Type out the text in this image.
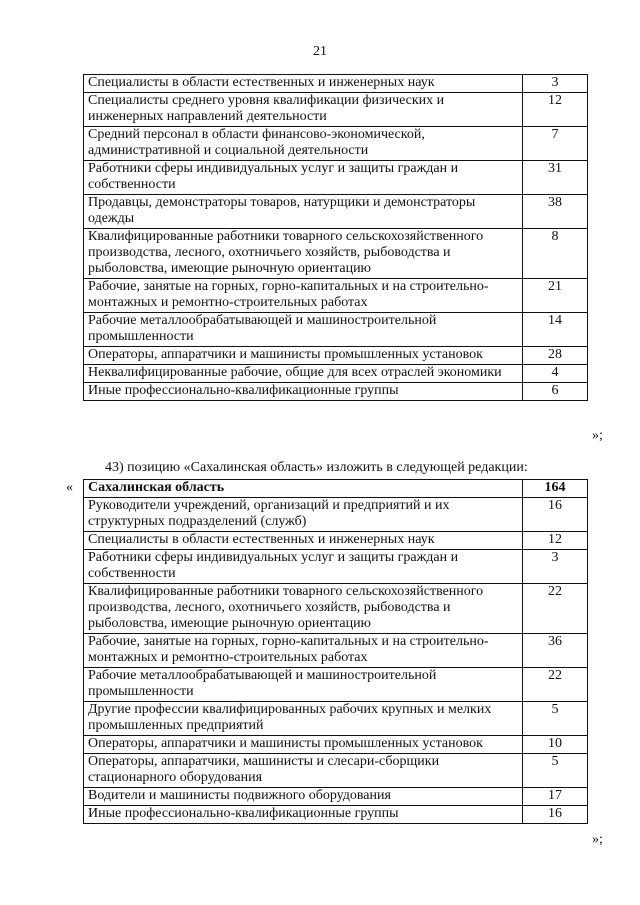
21
Специалисты в области естественных и инженерных наук	3
Специалисты среднего уровня квалификации физических и инженерных направлений деятельности	12
Средний персонал в области финансово-экономической, административной и социальной деятельности	7
Работники сферы индивидуальных услуг и защиты граждан и собственности	31
Продавцы, демонстраторы товаров, натурщики и демонстраторы одежды	38
Квалифицированные работники товарного сельскохозяйственного производства, лесного, охотничьего хозяйств, рыбоводства и рыболовства, имеющие рыночную ориентацию	8
Рабочие, занятые на горных, горно-капитальных и на строительно-монтажных и ремонтно-строительных работах	21
Рабочие металлообрабатывающей и машиностроительной промышленности	14
Операторы, аппаратчики и машинисты промышленных установок	28
Неквалифицированные рабочие, общие для всех отраслей экономики	4
Иные профессионально-квалификационные группы	6
»;
43) позицию «Сахалинская область» изложить в следующей редакции:
« Сахалинская область	164
Руководители учреждений, организаций и предприятий и их структурных подразделений (служб)	16
Специалисты в области естественных и инженерных наук	12
Работники сферы индивидуальных услуг и защиты граждан и собственности	3
Квалифицированные работники товарного сельскохозяйственного производства, лесного, охотничьего хозяйств, рыбоводства и рыболовства, имеющие рыночную ориентацию	22
Рабочие, занятые на горных, горно-капитальных и на строительно-монтажных и ремонтно-строительных работах	36
Рабочие металлообрабатывающей и машиностроительной промышленности	22
Другие профессии квалифицированных рабочих крупных и мелких промышленных предприятий	5
Операторы, аппаратчики и машинисты промышленных установок	10
Операторы, аппаратчики, машинисты и слесари-сборщики стационарного оборудования	5
Водители и машинисты подвижного оборудования	17
Иные профессионально-квалификационные группы	16
»;
